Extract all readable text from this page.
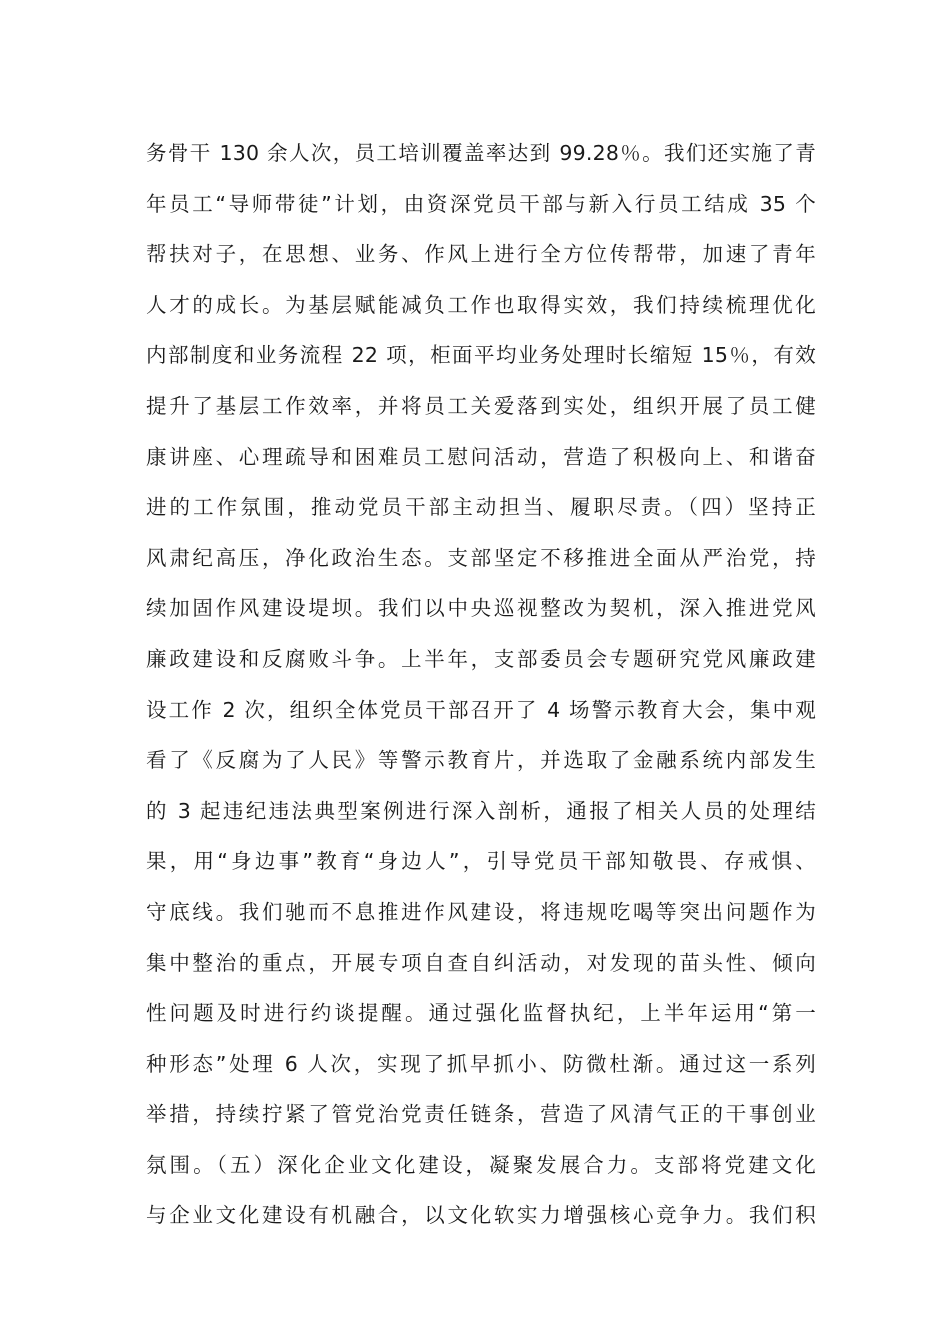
务骨干 130 余人次，员工培训覆盖率达到 99.28％。我们还实施了青
年员工“导师带徒”计划，由资深党员干部与新入行员工结成 35 个
帮扶对子，在思想、业务、作风上进行全方位传帮带，加速了青年
人才的成长。为基层赋能减负工作也取得实效，我们持续梳理优化
内部制度和业务流程 22 项，柜面平均业务处理时长缩短 15％，有效
提升了基层工作效率，并将员工关爱落到实处，组织开展了员工健
康讲座、心理疏导和困难员工慰问活动，营造了积极向上、和谐奋
进的工作氛围，推动党员干部主动担当、履职尽责。（四）坚持正
风肃纪高压，净化政治生态。支部坚定不移推进全面从严治党，持
续加固作风建设堤坝。我们以中央巡视整改为契机，深入推进党风
廉政建设和反腐败斗争。上半年，支部委员会专题研究党风廉政建
设工作 2 次，组织全体党员干部召开了 4 场警示教育大会，集中观
看了《反腐为了人民》等警示教育片，并选取了金融系统内部发生
的 3 起违纪违法典型案例进行深入剖析，通报了相关人员的处理结
果，用“身边事”教育“身边人”，引导党员干部知敬畏、存戒惧、
守底线。我们驰而不息推进作风建设，将违规吃喝等突出问题作为
集中整治的重点，开展专项自查自纠活动，对发现的苗头性、倾向
性问题及时进行约谈提醒。通过强化监督执纪，上半年运用“第一
种形态”处理 6 人次，实现了抓早抓小、防微杜渐。通过这一系列
举措，持续拧紧了管党治党责任链条，营造了风清气正的干事创业
氛围。（五）深化企业文化建设，凝聚发展合力。支部将党建文化
与企业文化建设有机融合，以文化软实力增强核心竞争力。我们积
